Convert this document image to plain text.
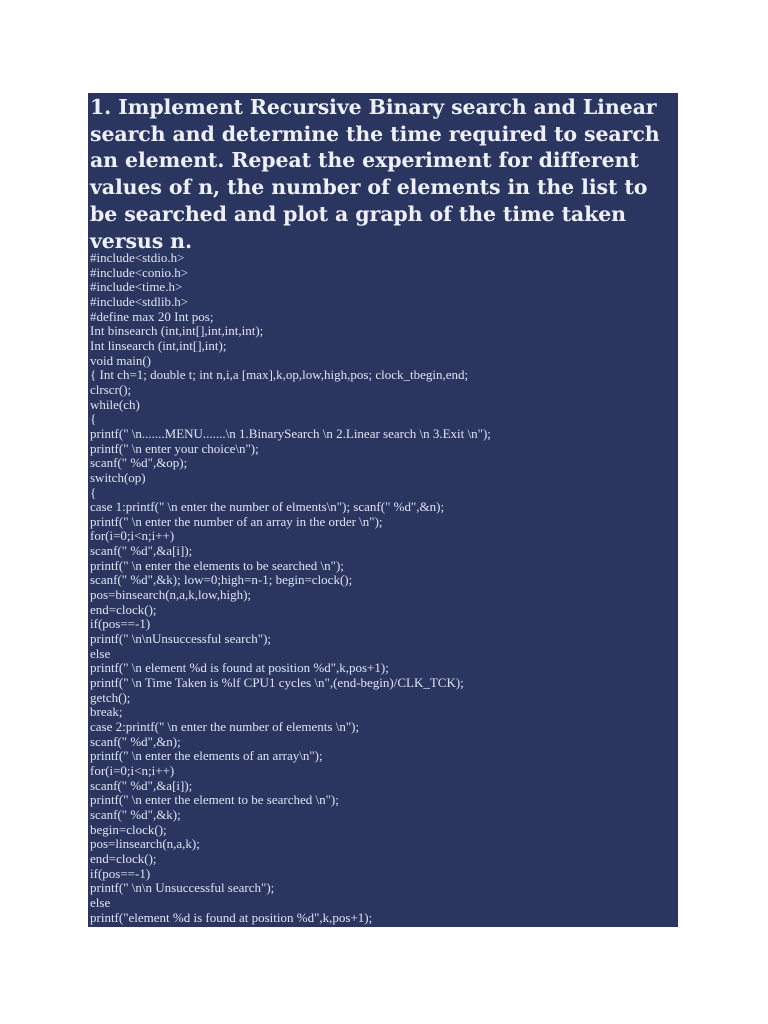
1. Implement Recursive Binary search and Linear search and determine the time required to search an element. Repeat the experiment for different values of n, the number of elements in the list to be searched and plot a graph of the time taken versus n.
#include<stdio.h>
#include<conio.h>
#include<time.h>
#include<stdlib.h>
#define max 20 Int pos;
Int binsearch (int,int[],int,int,int);
Int linsearch (int,int[],int);
void main()
{ Int ch=1; double t; int n,i,a [max],k,op,low,high,pos; clock_tbegin,end;
clrscr();
while(ch)
{
printf(" \n.......MENU.......\n 1.BinarySearch \n 2.Linear search \n 3.Exit \n");
printf(" \n enter your choice\n");
scanf(" %d",&op);
switch(op)
{
case 1:printf(" \n enter the number of elments\n"); scanf(" %d",&n);
printf(" \n enter the number of an array in the order \n");
for(i=0;i<n;i++)
scanf(" %d",&a[i]);
printf(" \n enter the elements to be searched \n");
scanf(" %d",&k); low=0;high=n-1; begin=clock();
pos=binsearch(n,a,k,low,high);
end=clock();
if(pos==-1)
printf(" \n\nUnsuccessful search");
else
printf(" \n element %d is found at position %d",k,pos+1);
printf(" \n Time Taken is %lf CPU1 cycles \n",(end-begin)/CLK_TCK);
getch();
break;
case 2:printf(" \n enter the number of elements \n");
scanf(" %d",&n);
printf(" \n enter the elements of an array\n");
for(i=0;i<n;i++)
scanf(" %d",&a[i]);
printf(" \n enter the element to be searched \n");
scanf(" %d",&k);
begin=clock();
pos=linsearch(n,a,k);
end=clock();
if(pos==-1)
printf(" \n\n Unsuccessful search");
else
printf("element %d is found at position %d",k,pos+1);
